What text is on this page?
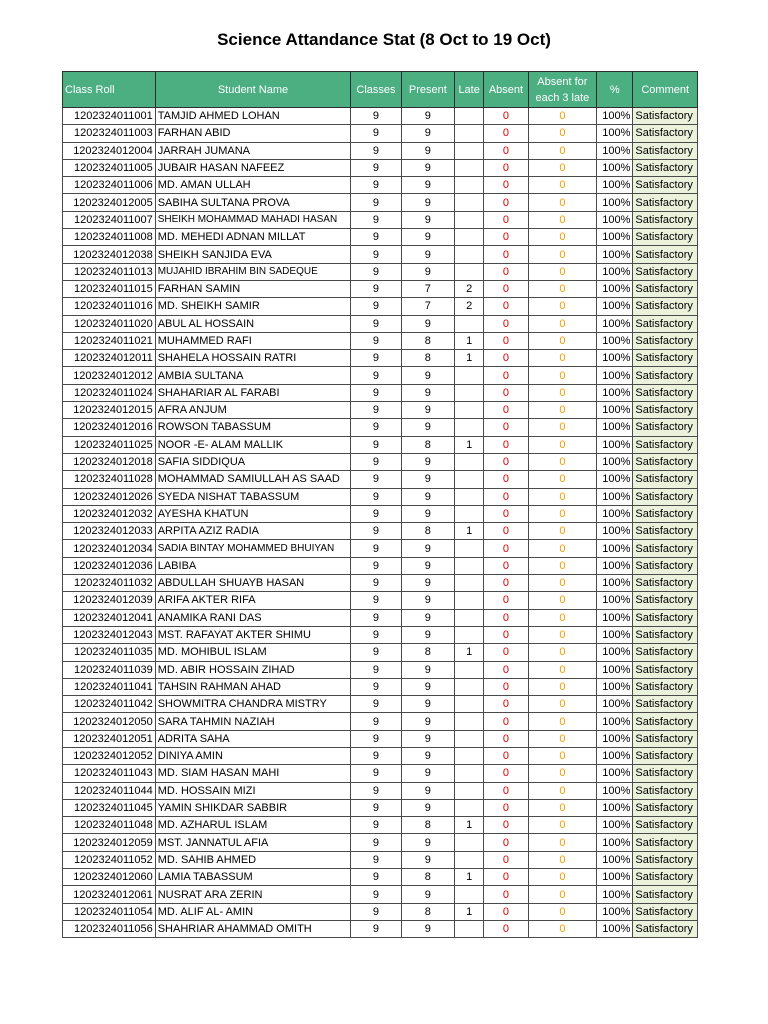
Science Attandance Stat (8 Oct to 19 Oct)
Class Roll	Student Name	Classes	Present	Late	Absent	Absent for each 3 late	%	Comment
1202324011001	TAMJID AHMED LOHAN	9	9		0	0	100%	Satisfactory
1202324011003	FARHAN ABID	9	9		0	0	100%	Satisfactory
1202324012004	JARRAH JUMANA	9	9		0	0	100%	Satisfactory
1202324011005	JUBAIR HASAN NAFEEZ	9	9		0	0	100%	Satisfactory
1202324011006	MD. AMAN ULLAH	9	9		0	0	100%	Satisfactory
1202324012005	SABIHA SULTANA PROVA	9	9		0	0	100%	Satisfactory
1202324011007	SHEIKH MOHAMMAD MAHADI HASAN	9	9		0	0	100%	Satisfactory
1202324011008	MD. MEHEDI ADNAN MILLAT	9	9		0	0	100%	Satisfactory
1202324012038	SHEIKH SANJIDA EVA	9	9		0	0	100%	Satisfactory
1202324011013	MUJAHID IBRAHIM BIN SADEQUE	9	9		0	0	100%	Satisfactory
1202324011015	FARHAN SAMIN	9	7	2	0	0	100%	Satisfactory
1202324011016	MD. SHEIKH SAMIR	9	7	2	0	0	100%	Satisfactory
1202324011020	ABUL AL HOSSAIN	9	9		0	0	100%	Satisfactory
1202324011021	MUHAMMED RAFI	9	8	1	0	0	100%	Satisfactory
1202324012011	SHAHELA HOSSAIN RATRI	9	8	1	0	0	100%	Satisfactory
1202324012012	AMBIA SULTANA	9	9		0	0	100%	Satisfactory
1202324011024	SHAHARIAR AL FARABI	9	9		0	0	100%	Satisfactory
1202324012015	AFRA ANJUM	9	9		0	0	100%	Satisfactory
1202324012016	ROWSON TABASSUM	9	9		0	0	100%	Satisfactory
1202324011025	NOOR -E- ALAM MALLIK	9	8	1	0	0	100%	Satisfactory
1202324012018	SAFIA SIDDIQUA	9	9		0	0	100%	Satisfactory
1202324011028	MOHAMMAD SAMIULLAH AS SAAD	9	9		0	0	100%	Satisfactory
1202324012026	SYEDA NISHAT TABASSUM	9	9		0	0	100%	Satisfactory
1202324012032	AYESHA KHATUN	9	9		0	0	100%	Satisfactory
1202324012033	ARPITA AZIZ RADIA	9	8	1	0	0	100%	Satisfactory
1202324012034	SADIA BINTAY MOHAMMED BHUIYAN	9	9		0	0	100%	Satisfactory
1202324012036	LABIBA	9	9		0	0	100%	Satisfactory
1202324011032	ABDULLAH SHUAYB HASAN	9	9		0	0	100%	Satisfactory
1202324012039	ARIFA AKTER RIFA	9	9		0	0	100%	Satisfactory
1202324012041	ANAMIKA RANI DAS	9	9		0	0	100%	Satisfactory
1202324012043	MST. RAFAYAT AKTER SHIMU	9	9		0	0	100%	Satisfactory
1202324011035	MD. MOHIBUL ISLAM	9	8	1	0	0	100%	Satisfactory
1202324011039	MD. ABIR HOSSAIN ZIHAD	9	9		0	0	100%	Satisfactory
1202324011041	TAHSIN RAHMAN AHAD	9	9		0	0	100%	Satisfactory
1202324011042	SHOWMITRA CHANDRA MISTRY	9	9		0	0	100%	Satisfactory
1202324012050	SARA TAHMIN NAZIAH	9	9		0	0	100%	Satisfactory
1202324012051	ADRITA SAHA	9	9		0	0	100%	Satisfactory
1202324012052	DINIYA AMIN	9	9		0	0	100%	Satisfactory
1202324011043	MD. SIAM HASAN MAHI	9	9		0	0	100%	Satisfactory
1202324011044	MD. HOSSAIN MIZI	9	9		0	0	100%	Satisfactory
1202324011045	YAMIN SHIKDAR SABBIR	9	9		0	0	100%	Satisfactory
1202324011048	MD. AZHARUL ISLAM	9	8	1	0	0	100%	Satisfactory
1202324012059	MST. JANNATUL AFIA	9	9		0	0	100%	Satisfactory
1202324011052	MD. SAHIB AHMED	9	9		0	0	100%	Satisfactory
1202324012060	LAMIA TABASSUM	9	8	1	0	0	100%	Satisfactory
1202324012061	NUSRAT ARA ZERIN	9	9		0	0	100%	Satisfactory
1202324011054	MD. ALIF AL- AMIN	9	8	1	0	0	100%	Satisfactory
1202324011056	SHAHRIAR AHAMMAD OMITH	9	9		0	0	100%	Satisfactory
